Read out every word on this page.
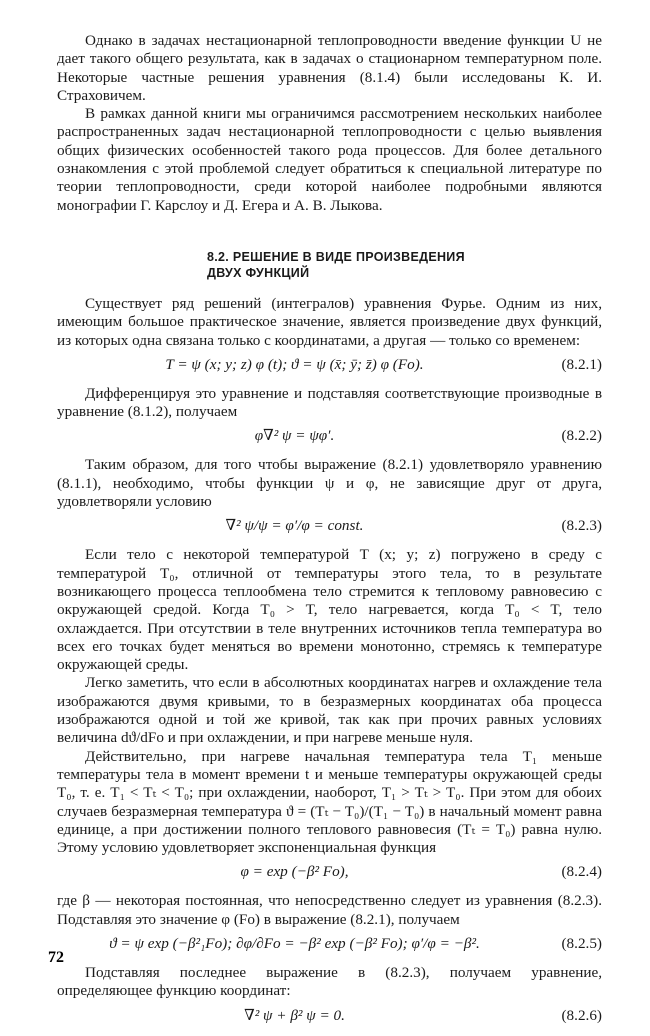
Однако в задачах нестационарной теплопроводности введение функции U не дает такого общего результата, как в задачах о стационарном температурном поле. Некоторые частные решения уравнения (8.1.4) были исследованы К. И. Страховичем.

В рамках данной книги мы ограничимся рассмотрением нескольких наиболее распространенных задач нестационарной теплопроводности с целью выявления общих физических особенностей такого рода процессов. Для более детального ознакомления с этой проблемой следует обратиться к специальной литературе по теории теплопроводности, среди которой наиболее подробными являются монографии Г. Карслоу и Д. Егера и А. В. Лыкова.

8.2. РЕШЕНИЕ В ВИДЕ ПРОИЗВЕДЕНИЯ
ДВУХ ФУНКЦИЙ

Существует ряд решений (интегралов) уравнения Фурье. Одним из них, имеющим большое практическое значение, является произведение двух функций, из которых одна связана только с координатами, а другая — только со временем:

T = ψ (x; y; z) φ (t); ϑ = ψ (x̄; ȳ; z̄) φ (Fo).	(8.2.1)

Дифференцируя это уравнение и подставляя соответствующие производные в уравнение (8.1.2), получаем

φ∇² ψ = ψφ′.	(8.2.2)

Таким образом, для того чтобы выражение (8.2.1) удовлетворяло уравнению (8.1.1), необходимо, чтобы функции ψ и φ, не зависящие друг от друга, удовлетворяли условию

∇² ψ/ψ = φ′/φ = const.	(8.2.3)

Если тело с некоторой температурой T (x; y; z) погружено в среду с температурой T₀, отличной от температуры этого тела, то в результате возникающего процесса теплообмена тело стремится к тепловому равновесию с окружающей средой. Когда T₀ > T, тело нагревается, когда T₀ < T, тело охлаждается. При отсутствии в теле внутренних источников тепла температура во всех его точках будет меняться во времени монотонно, стремясь к температуре окружающей среды.

Легко заметить, что если в абсолютных координатах нагрев и охлаждение тела изображаются двумя кривыми, то в безразмерных координатах оба процесса изображаются одной и той же кривой, так как при прочих равных условиях величина dϑ/dFo и при охлаждении, и при нагреве меньше нуля.

Действительно, при нагреве начальная температура тела T₁ меньше температуры тела в момент времени t и меньше температуры окружающей среды T₀, т. е. T₁ < Tₜ < T₀; при охлаждении, наоборот, T₁ > Tₜ > T₀. При этом для обоих случаев безразмерная температура ϑ = (Tₜ − T₀)/(T₁ − T₀) в начальный момент равна единице, а при достижении полного теплового равновесия (Tₜ = T₀) равна нулю. Этому условию удовлетворяет экспоненциальная функция

φ = exp (−β² Fo),	(8.2.4)

где β — некоторая постоянная, что непосредственно следует из уравнения (8.2.3). Подставляя это значение φ (Fo) в выражение (8.2.1), получаем

ϑ = ψ exp (−β²₁Fo); ∂φ/∂Fo = −β² exp (−β² Fo); φ′/φ = −β².	(8.2.5)

Подставляя последнее выражение в (8.2.3), получаем уравнение, определяющее функцию координат:

∇² ψ + β² ψ = 0.	(8.2.6)
72
